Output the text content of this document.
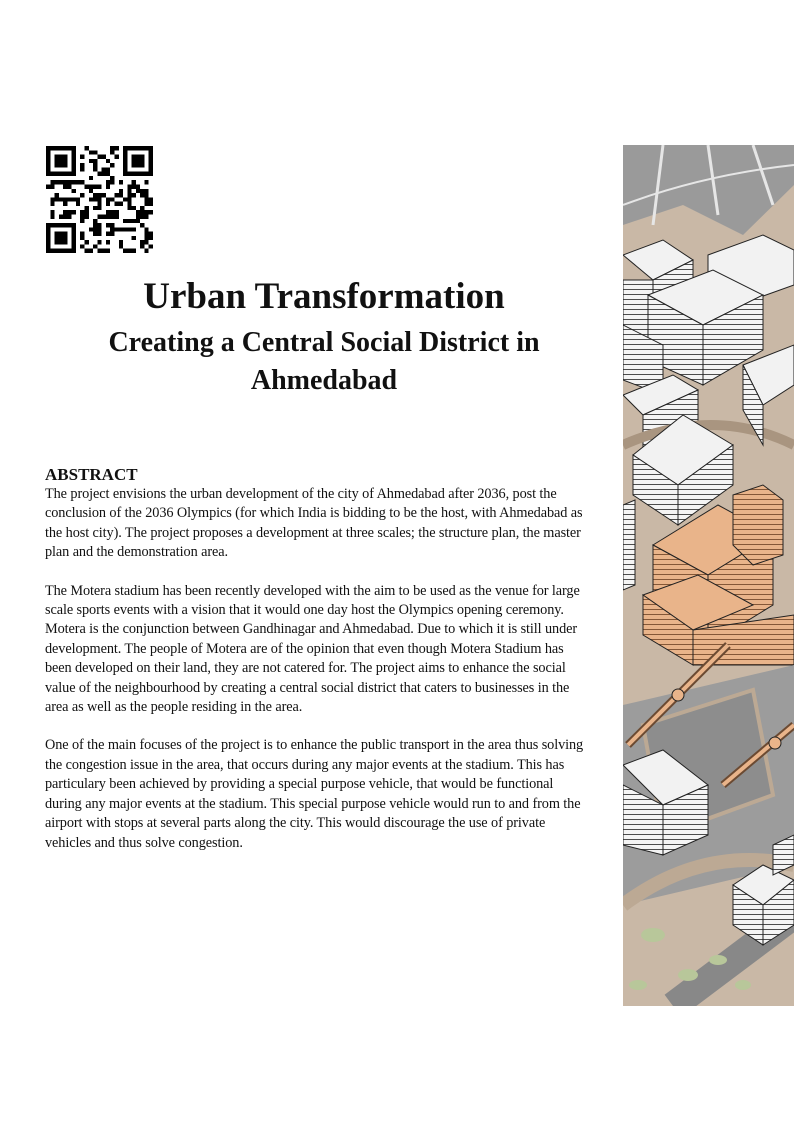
Urban Transformation
Creating a Central Social District in Ahmedabad
ABSTRACT

The project envisions the urban development of the city of Ahmedabad after 2036, post the conclusion of the 2036 Olympics (for which India is bidding to be the host, with Ahmedabad as the host city). The project proposes a development at three scales; the structure plan, the master plan and the demonstration area.

The Motera stadium has been recently developed with the aim to be used as the venue for large scale sports events with a vision that it would one day host the Olympics opening ceremony. Motera is the conjunction between Gandhinagar and Ahmedabad. Due to which it is still under development. The people of Motera are of the opinion that even though Motera Stadium has been developed on their land, they are not catered for. The project aims to enhance the social value of the neighbourhood by creating a central social district that caters to businesses in the area as well as the people residing in the area.

One of the main focuses of the project is to enhance the public transport in the area thus solving the congestion issue in the area, that occurs during any major events at the stadium. This has particulary been achieved by providing a special purpose vehicle, that would be functional during any major events at the stadium. This special purpose vehicle would run to and from the airport with stops at several parts along the city. This would discourage the use of private vehicles and thus solve congestion.
